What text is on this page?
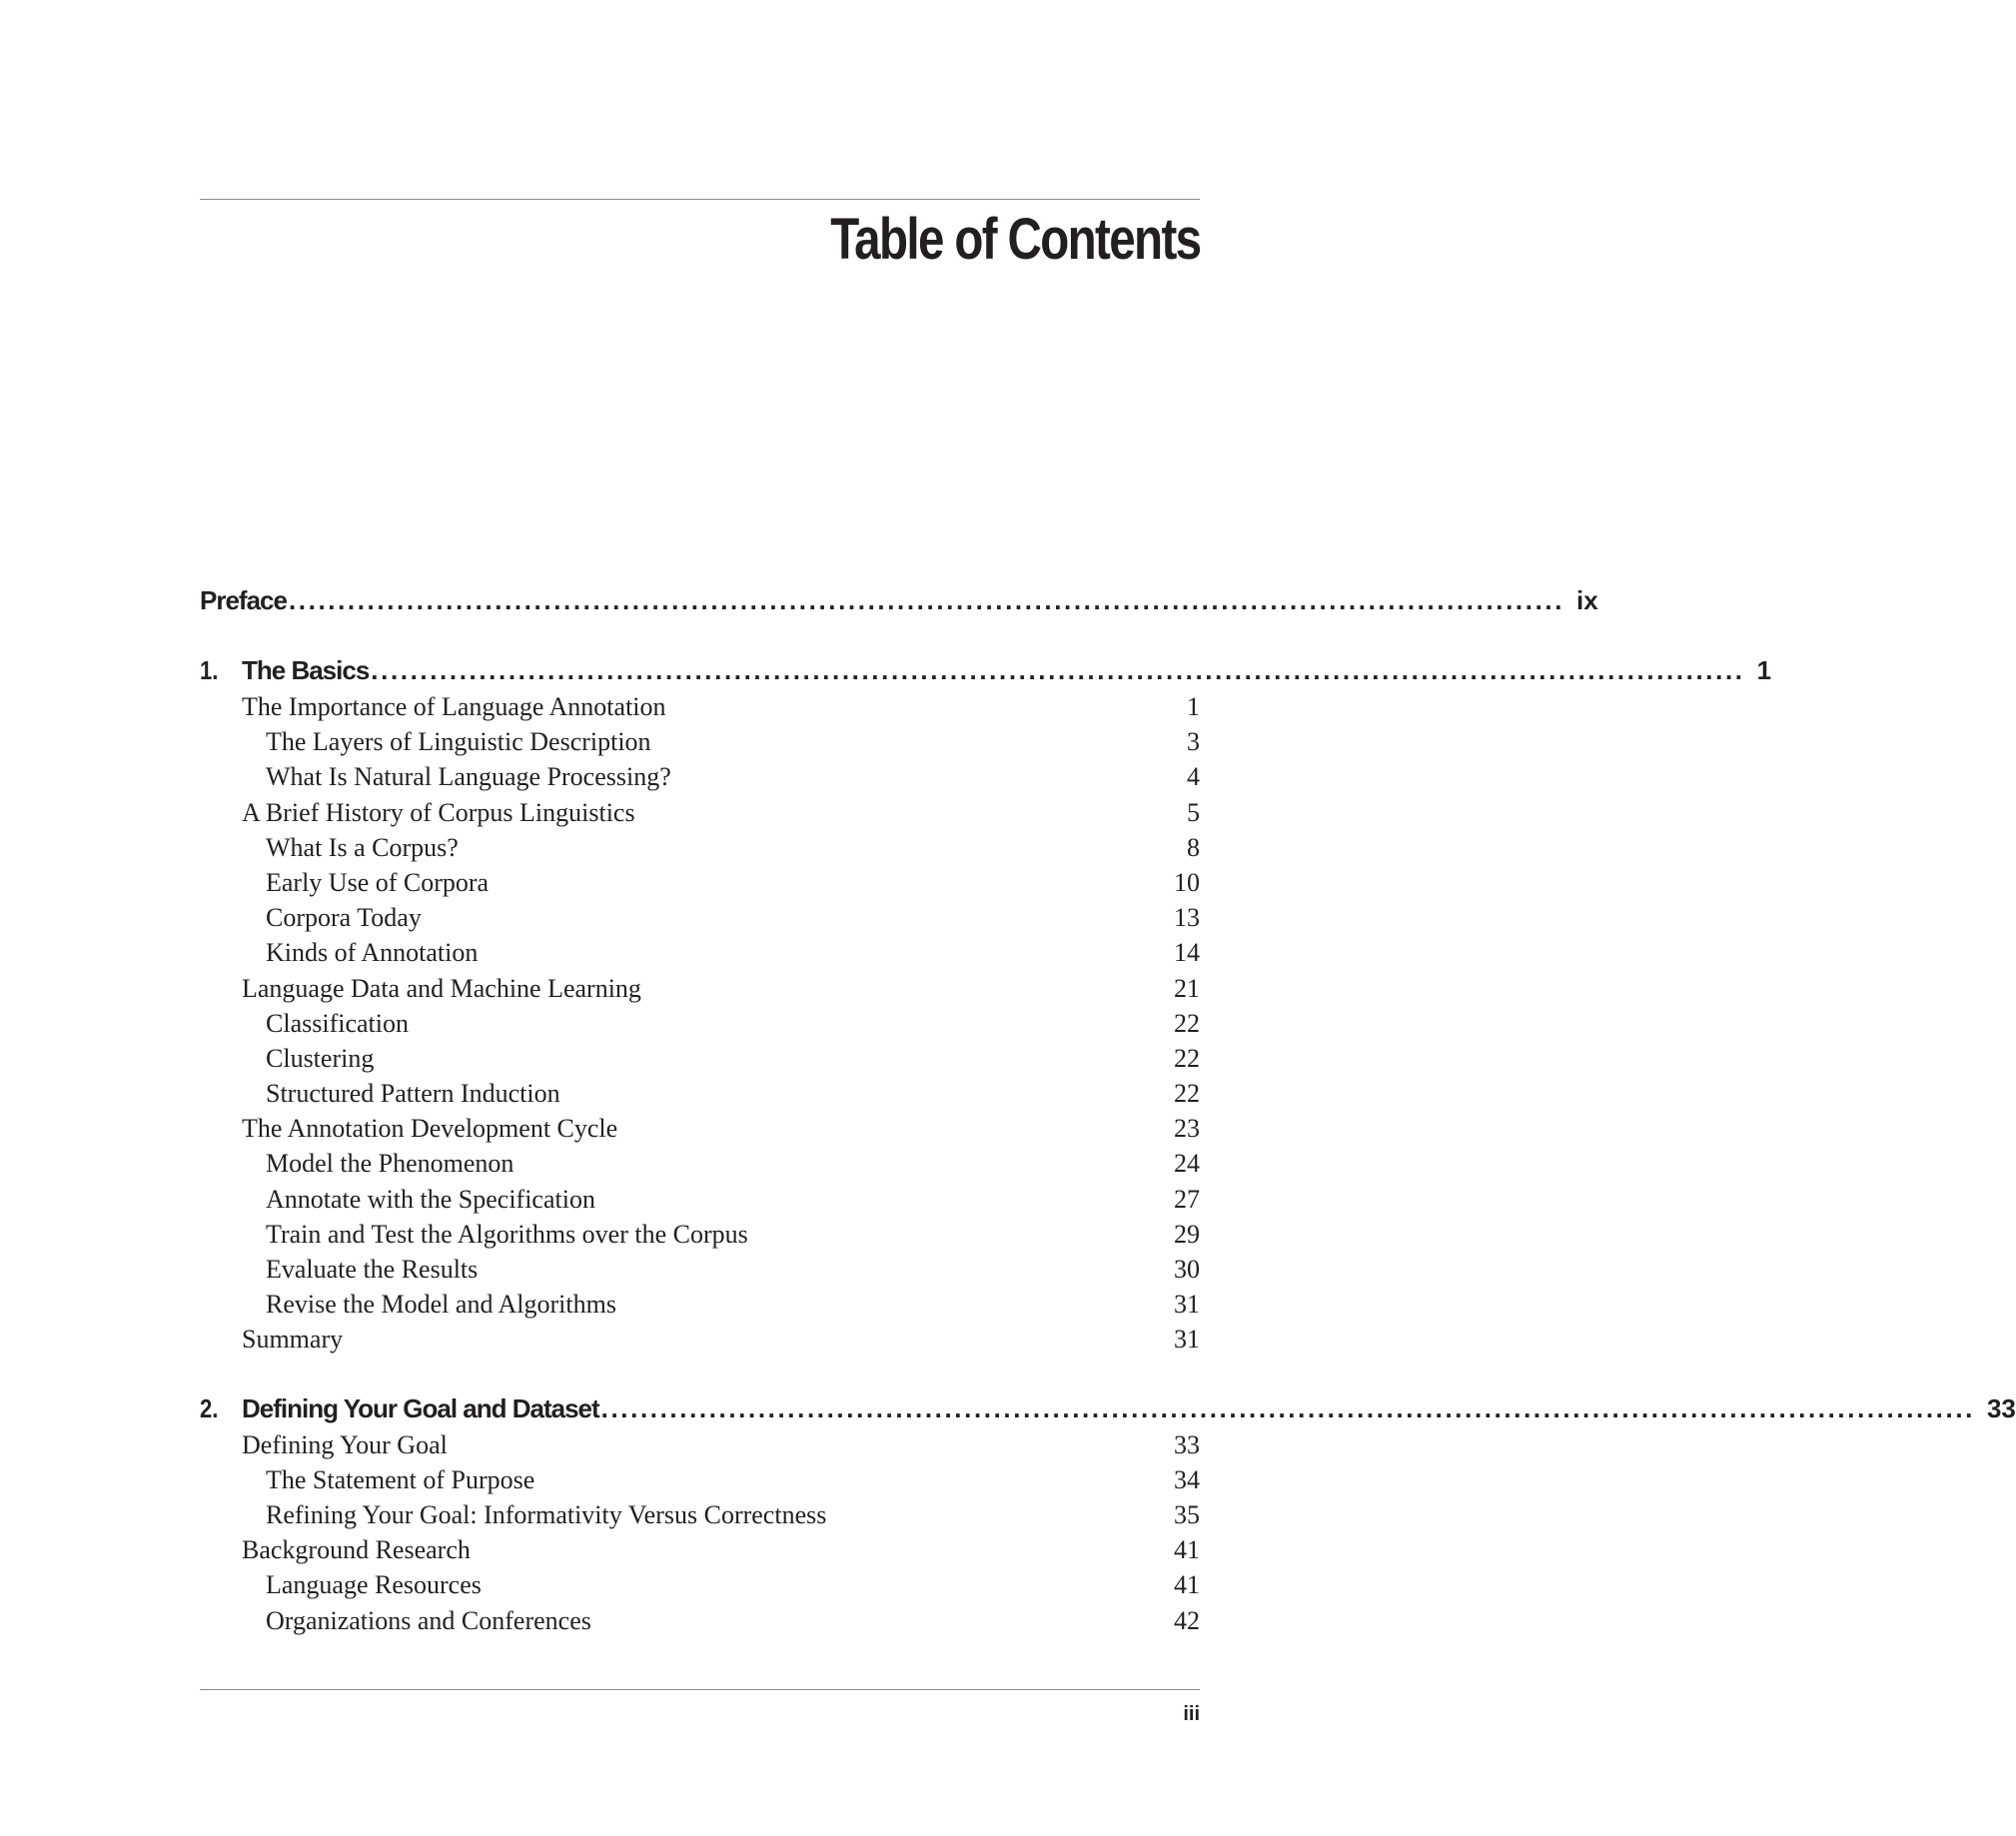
Table of Contents
Preface .................................................................................................................................. ix
1. The Basics ............................................................................................................................................ 1
The Importance of Language Annotation	1
The Layers of Linguistic Description	3
What Is Natural Language Processing?	4
A Brief History of Corpus Linguistics	5
What Is a Corpus?	8
Early Use of Corpora	10
Corpora Today	13
Kinds of Annotation	14
Language Data and Machine Learning	21
Classification	22
Clustering	22
Structured Pattern Induction	22
The Annotation Development Cycle	23
Model the Phenomenon	24
Annotate with the Specification	27
Train and Test the Algorithms over the Corpus	29
Evaluate the Results	30
Revise the Model and Algorithms	31
Summary	31
2. Defining Your Goal and Dataset ............................................................................................................................................ 33
Defining Your Goal	33
The Statement of Purpose	34
Refining Your Goal: Informativity Versus Correctness	35
Background Research	41
Language Resources	41
Organizations and Conferences	42
iii
